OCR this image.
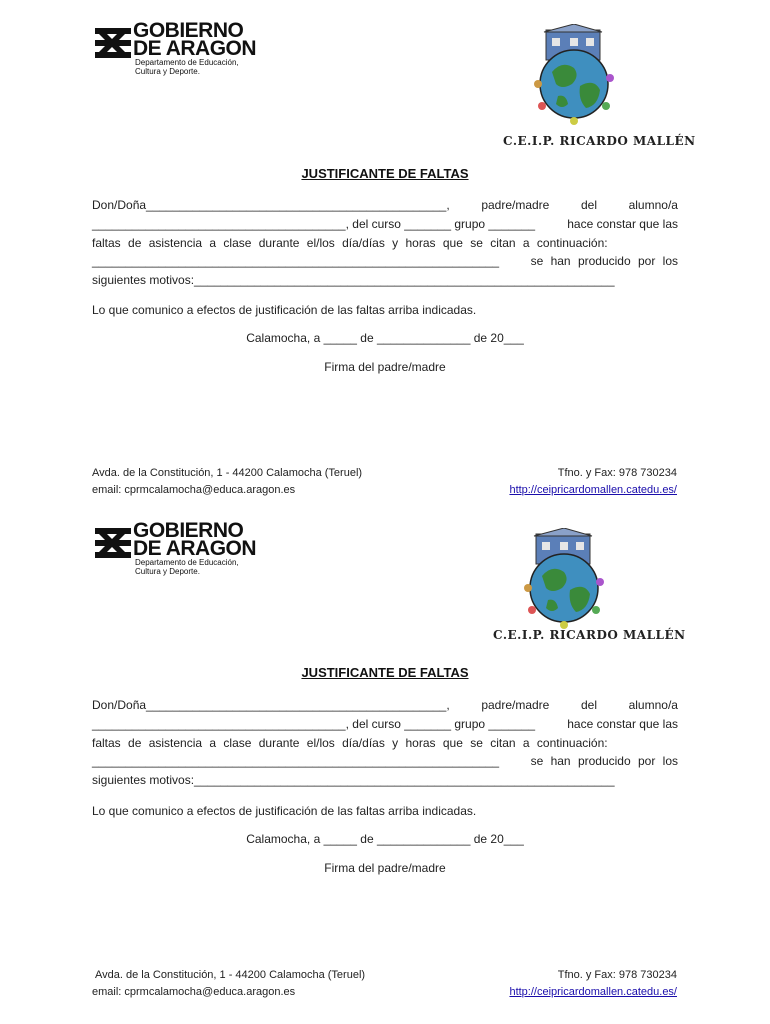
GOBIERNO
DE ARAGON
Departamento de Educación,
Cultura y Deporte.
C.E.I.P. RICARDO MALLÉN
JUSTIFICANTE DE FALTAS
Don/Doña_____________________________________________,	padre/madre	del	alumno/a
______________________________________, del curso _______ grupo _______	hace constar que las
faltas de asistencia a clase durante el/los día/días y horas que se citan a continuación:
_____________________________________________________________	se han producido por los
siguientes motivos:_______________________________________________________________
Lo que comunico a efectos de justificación de las faltas arriba indicadas.
Calamocha, a _____ de ______________ de 20___
Firma del padre/madre
Avda. de la Constitución, 1 - 44200 Calamocha (Teruel)
email: cprmcalamocha@educa.aragon.es
Tfno. y Fax: 978 730234
http://ceipricardomallen.catedu.es/
GOBIERNO
DE ARAGON
Departamento de Educación,
Cultura y Deporte.
C.E.I.P. RICARDO MALLÉN
JUSTIFICANTE DE FALTAS
Don/Doña_____________________________________________,	padre/madre	del	alumno/a
______________________________________, del curso _______ grupo _______	hace constar que las
faltas de asistencia a clase durante el/los día/días y horas que se citan a continuación:
_____________________________________________________________	se han producido por los
siguientes motivos:_______________________________________________________________
Lo que comunico a efectos de justificación de las faltas arriba indicadas.
Calamocha, a _____ de ______________ de 20___
Firma del padre/madre
Avda. de la Constitución, 1 - 44200 Calamocha (Teruel)
email: cprmcalamocha@educa.aragon.es
Tfno. y Fax: 978 730234
http://ceipricardomallen.catedu.es/
